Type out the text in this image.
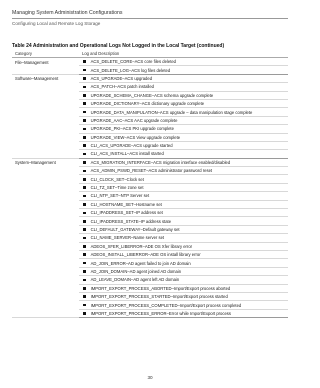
Managing System Administration Configurations
Configuring Local and Remote Log Storage
Table 24 Administration and Operational Logs Not Logged in the Local Target (continued)
Category	Log and Description
File–Management	ACS_DELETE_CORE–ACS core files deleted
	ACS_DELETE_LOG–ACS log files deleted
Software–Management	ACS_UPGRADE–ACS upgraded
	ACS_PATCH–ACS patch installed
	UPGRADE_SCHEMA_CHANGE–ACS schema upgrade complete
	UPGRADE_DICTIONARY–ACS dictionary upgrade complete
	UPGRADE_DATA_MANIPULATION–ACS upgrade – data manipulation stage complete
	UPGRADE_AAC–ACS AAC upgrade complete
	UPGRADE_PKI–ACS PKI upgrade complete
	UPGRADE_VIEW–ACS View upgrade complete
	CLI_ACS_UPGRADE–ACS upgrade started
	CLI_ACS_INSTALL–ACS install started
System–Management	ACS_MIGRATION_INTERFACE–ACS migration interface enabled/disabled
	ACS_ADMIN_PSWD_RESET–ACS administrator password reset
	CLI_CLOCK_SET–Clock set
	CLI_TZ_SET–Time zone set
	CLI_NTP_SET–NTP Server set
	CLI_HOSTNAME_SET–Hostname set
	CLI_IPADDRESS_SET–IP address set
	CLI_IPADDRESS_STATE–IP address state
	CLI_DEFAULT_GATEWAY–Default gateway set
	CLI_NAME_SERVER–Name server set
	ADEOS_XFER_LIBERROR–ADE OS Xfer library error
	ADEOS_INSTALL_LIBERROR–ADE OS install library error
	AD_JOIN_ERROR–AD agent failed to join AD domain
	AD_JOIN_DOMAIN–AD agent joined AD domain
	AD_LEAVE_DOMAIN–AD agent left AD domain
	IMPORT_EXPORT_PROCESS_ABORTED–Import/Export process aborted
	IMPORT_EXPORT_PROCESS_STARTED–Import/Export process started
	IMPORT_EXPORT_PROCESS_COMPLETED–Import/Export process completed
	IMPORT_EXPORT_PROCESS_ERROR–Error while Import/Export process
30
